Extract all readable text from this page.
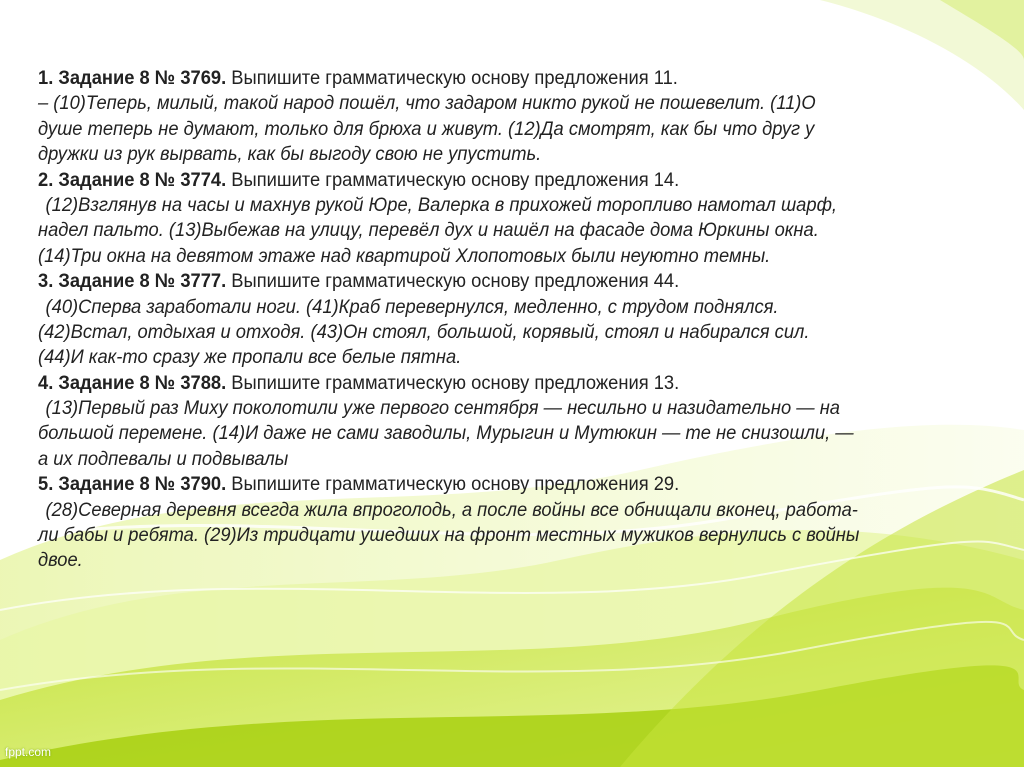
1. Задание 8 № 3769. Выпишите грамматическую основу предложения 11.
– (10)Теперь, милый, такой народ пошёл, что задаром никто рукой не пошевелит. (11)О
душе теперь не думают, только для брюха и живут. (12)Да смотрят, как бы что друг у
дружки из рук вырвать, как бы выгоду свою не упустить.
2. Задание 8 № 3774. Выпишите грамматическую основу предложения 14.
(12)Взглянув на часы и махнув рукой Юре, Валерка в прихожей торопливо намотал шарф,
надел пальто. (13)Выбежав на улицу, перевёл дух и нашёл на фасаде дома Юркины окна.
(14)Три окна на девятом этаже над квартирой Хлопотовых были неуютно темны.
3. Задание 8 № 3777. Выпишите грамматическую основу предложения 44.
(40)Сперва заработали ноги. (41)Краб перевернулся, медленно, с трудом поднялся.
(42)Встал, отдыхая и отходя. (43)Он стоял, большой, корявый, стоял и набирался сил.
(44)И как-то сразу же пропали все белые пятна.
4. Задание 8 № 3788. Выпишите грамматическую основу предложения 13.
(13)Первый раз Миху поколотили уже первого сентября — несильно и назидательно — на
большой перемене. (14)И даже не сами заводилы, Мурыгин и Мутюкин — те не снизошли, —
а их подпевалы и подвывалы
5. Задание 8 № 3790. Выпишите грамматическую основу предложения 29.
(28)Северная деревня всегда жила впроголодь, а после войны все обнищали вконец, работа-
ли бабы и ребята. (29)Из тридцати ушедших на фронт местных мужиков вернулись с войны
двое.
fppt.com
